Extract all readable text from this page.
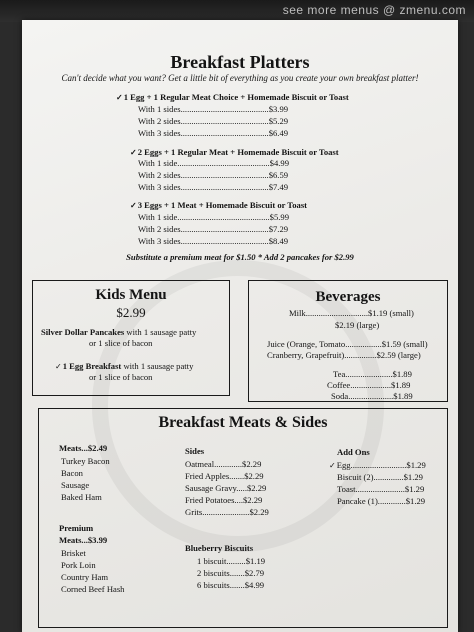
see more menus @ zmenu.com
Breakfast Platters
Can't decide what you want? Get a little bit of everything as you create your own breakfast platter!
✓1 Egg + 1 Regular Meat Choice + Homemade Biscuit or Toast
With 1 sides.........................................$3.99
With 2 sides.........................................$5.29
With 3 sides.........................................$6.49
✓2 Eggs + 1 Regular Meat + Homemade Biscuit or Toast
With 1 side...........................................$4.99
With 2 sides.........................................$6.59
With 3 sides.........................................$7.49
✓3 Eggs + 1 Meat + Homemade Biscuit or Toast
With 1 side...........................................$5.99
With 2 sides.........................................$7.29
With 3 sides.........................................$8.49
Substitute a premium meat for $1.50 * Add 2 pancakes for $2.99
Kids Menu
$2.99
Silver Dollar Pancakes with 1 sausage patty
or 1 slice of bacon
✓1 Egg Breakfast with 1 sausage patty
or 1 slice of bacon
Beverages
Milk.............................$1.19 (small)
$2.19 (large)
Juice (Orange, Tomato.................$1.59 (small)
Cranberry, Grapefruit)...............$2.59 (large)
Tea......................$1.89
Coffee...................$1.89
Soda.....................$1.89
Breakfast Meats & Sides
Meats...$2.49
Turkey Bacon
Bacon
Sausage
Baked Ham
Premium
Meats...$3.99
Brisket
Pork Loin
Country Ham
Corned Beef Hash
Sides
Oatmeal.............$2.29
Fried Apples.......$2.29
Sausage Gravy.....$2.29
Fried Potatoes....$2.29
Grits......................$2.29
Blueberry Biscuits
1 biscuit.........$1.19
2 biscuits.......$2.79
6 biscuits.......$4.99
Add Ons
✓Egg..........................$1.29
Biscuit (2)..............$1.29
Toast.......................$1.29
Pancake (1).............$1.29
